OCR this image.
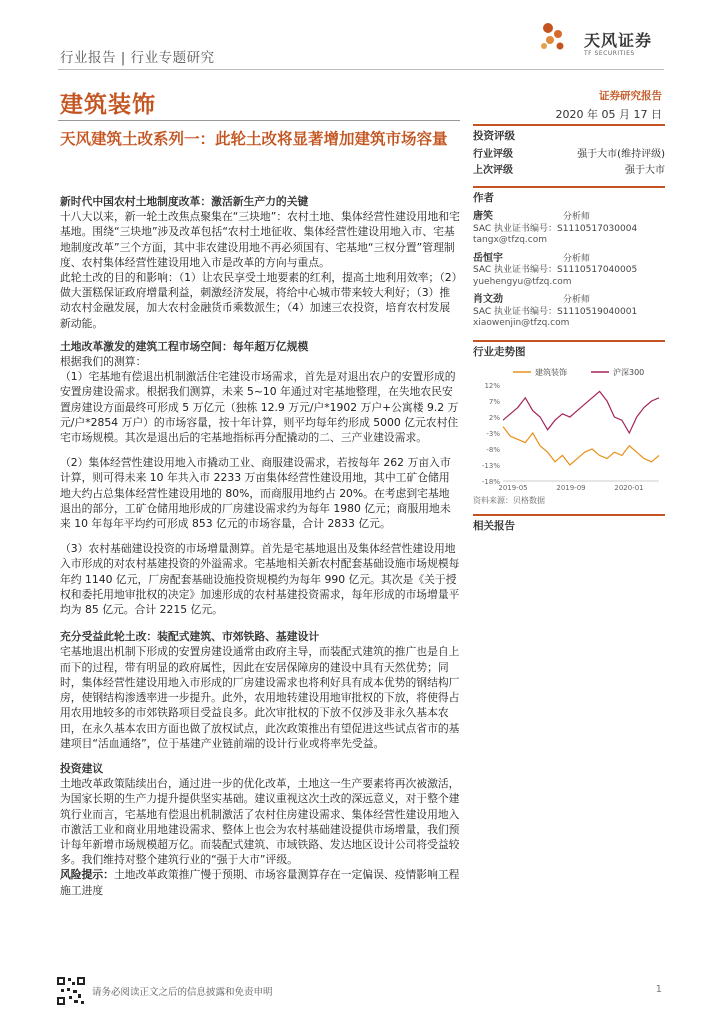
行业报告 | 行业专题研究
天风证券
TF SECURITIES
建筑装饰	证券研究报告
2020 年 05 月 17 日
天风建筑土改系列一：此轮土改将显著增加建筑市场容量
新时代中国农村土地制度改革：激活新生产力的关键

十八大以来，新一轮土改焦点聚集在“三块地”：农村土地、集体经营性建设用地和宅基地。围绕“三块地”涉及改革包括“农村土地征收、集体经营性建设用地入市、宅基地制度改革”三个方面，其中非农建设用地不再必须国有、宅基地“三权分置”管理制度、农村集体经营性建设用地入市是改革的方向与重点。

此轮土改的目的和影响：（1）让农民享受土地要素的红利，提高土地利用效率；（2）做大蛋糕保证政府增量利益，刺激经济发展，将给中心城市带来较大利好；（3）推动农村金融发展，加大农村金融货币乘数派生；（4）加速三农投资，培育农村发展新动能。

土地改革激发的建筑工程市场空间：每年超万亿规模

根据我们的测算：

（1）宅基地有偿退出机制激活住宅建设市场需求，首先是对退出农户的安置形成的安置房建设需求。根据我们测算，未来 5~10 年通过对宅基地整理，在失地农民安置房建设方面最终可形成 5 万亿元（独栋 12.9 万元/户*1902 万户+公寓楼 9.2 万元/户*2854 万户）的市场容量，按十年计算，则平均每年约形成 5000 亿元农村住宅市场规模。其次是退出后的宅基地指标再分配撬动的二、三产业建设需求。

（2）集体经营性建设用地入市撬动工业、商服建设需求，若按每年 262 万亩入市计算，则可得未来 10 年共入市 2233 万亩集体经营性建设用地，其中工矿仓储用地大约占总集体经营性建设用地的 80%，而商服用地约占 20%。在考虑到宅基地退出的部分，工矿仓储用地形成的厂房建设需求约为每年 1980 亿元；商服用地未来 10 年每年平均约可形成 853 亿元的市场容量，合计 2833 亿元。

（3）农村基础建设投资的市场增量测算。首先是宅基地退出及集体经营性建设用地入市形成的对农村基建投资的外溢需求。宅基地相关新农村配套基础设施市场规模每年约 1140 亿元，厂房配套基础设施投资规模约为每年 990 亿元。其次是《关于授权和委托用地审批权的决定》加速形成的农村基建投资需求，每年形成的市场增量平均为 85 亿元。合计 2215 亿元。

充分受益此轮土改：装配式建筑、市郊铁路、基建设计

宅基地退出机制下形成的安置房建设通常由政府主导，而装配式建筑的推广也是自上而下的过程，带有明显的政府属性，因此在安居保障房的建设中具有天然优势；同时，集体经营性建设用地入市形成的厂房建设需求也将利好具有成本优势的钢结构厂房，使钢结构渗透率进一步提升。此外，农用地转建设用地审批权的下放，将使得占用农用地较多的市郊铁路项目受益良多。此次审批权的下放不仅涉及非永久基本农田，在永久基本农田方面也做了放权试点，此次政策推出有望促进这些试点省市的基建项目“活血通络”，位于基建产业链前端的设计行业或将率先受益。

投资建议

土地改革政策陆续出台，通过进一步的优化改革，土地这一生产要素将再次被激活，为国家长期的生产力提升提供坚实基础。建议重视这次土改的深远意义，对于整个建筑行业而言，宅基地有偿退出机制激活了农村住房建设需求、集体经营性建设用地入市激活工业和商业用地建设需求、整体上也会为农村基础建设提供市场增量，我们预计每年新增市场规模超万亿。而装配式建筑、市域铁路、发达地区设计公司将受益较多。我们维持对整个建筑行业的“强于大市”评级。

风险提示：土地改革政策推广慢于预期、市场容量测算存在一定偏误、疫情影响工程施工进度

投资评级
行业评级	强于大市(维持评级)
上次评级	强于大市
作者
唐笑	分析师
SAC 执业证书编号：S1110517030004
tangx@tfzq.com
岳恒宇	分析师
SAC 执业证书编号：S1110517040005
yuehengyu@tfzq.com
肖文劲	分析师
SAC 执业证书编号：S1110519040001
xiaowenjin@tfzq.com
行业走势图
建筑装饰	沪深300
12%
7%
2%
-3%
-8%
-13%
-18%
2019-05	2019-09	2020-01
资料来源：贝格数据
相关报告
请务必阅读正文之后的信息披露和免责申明	1
